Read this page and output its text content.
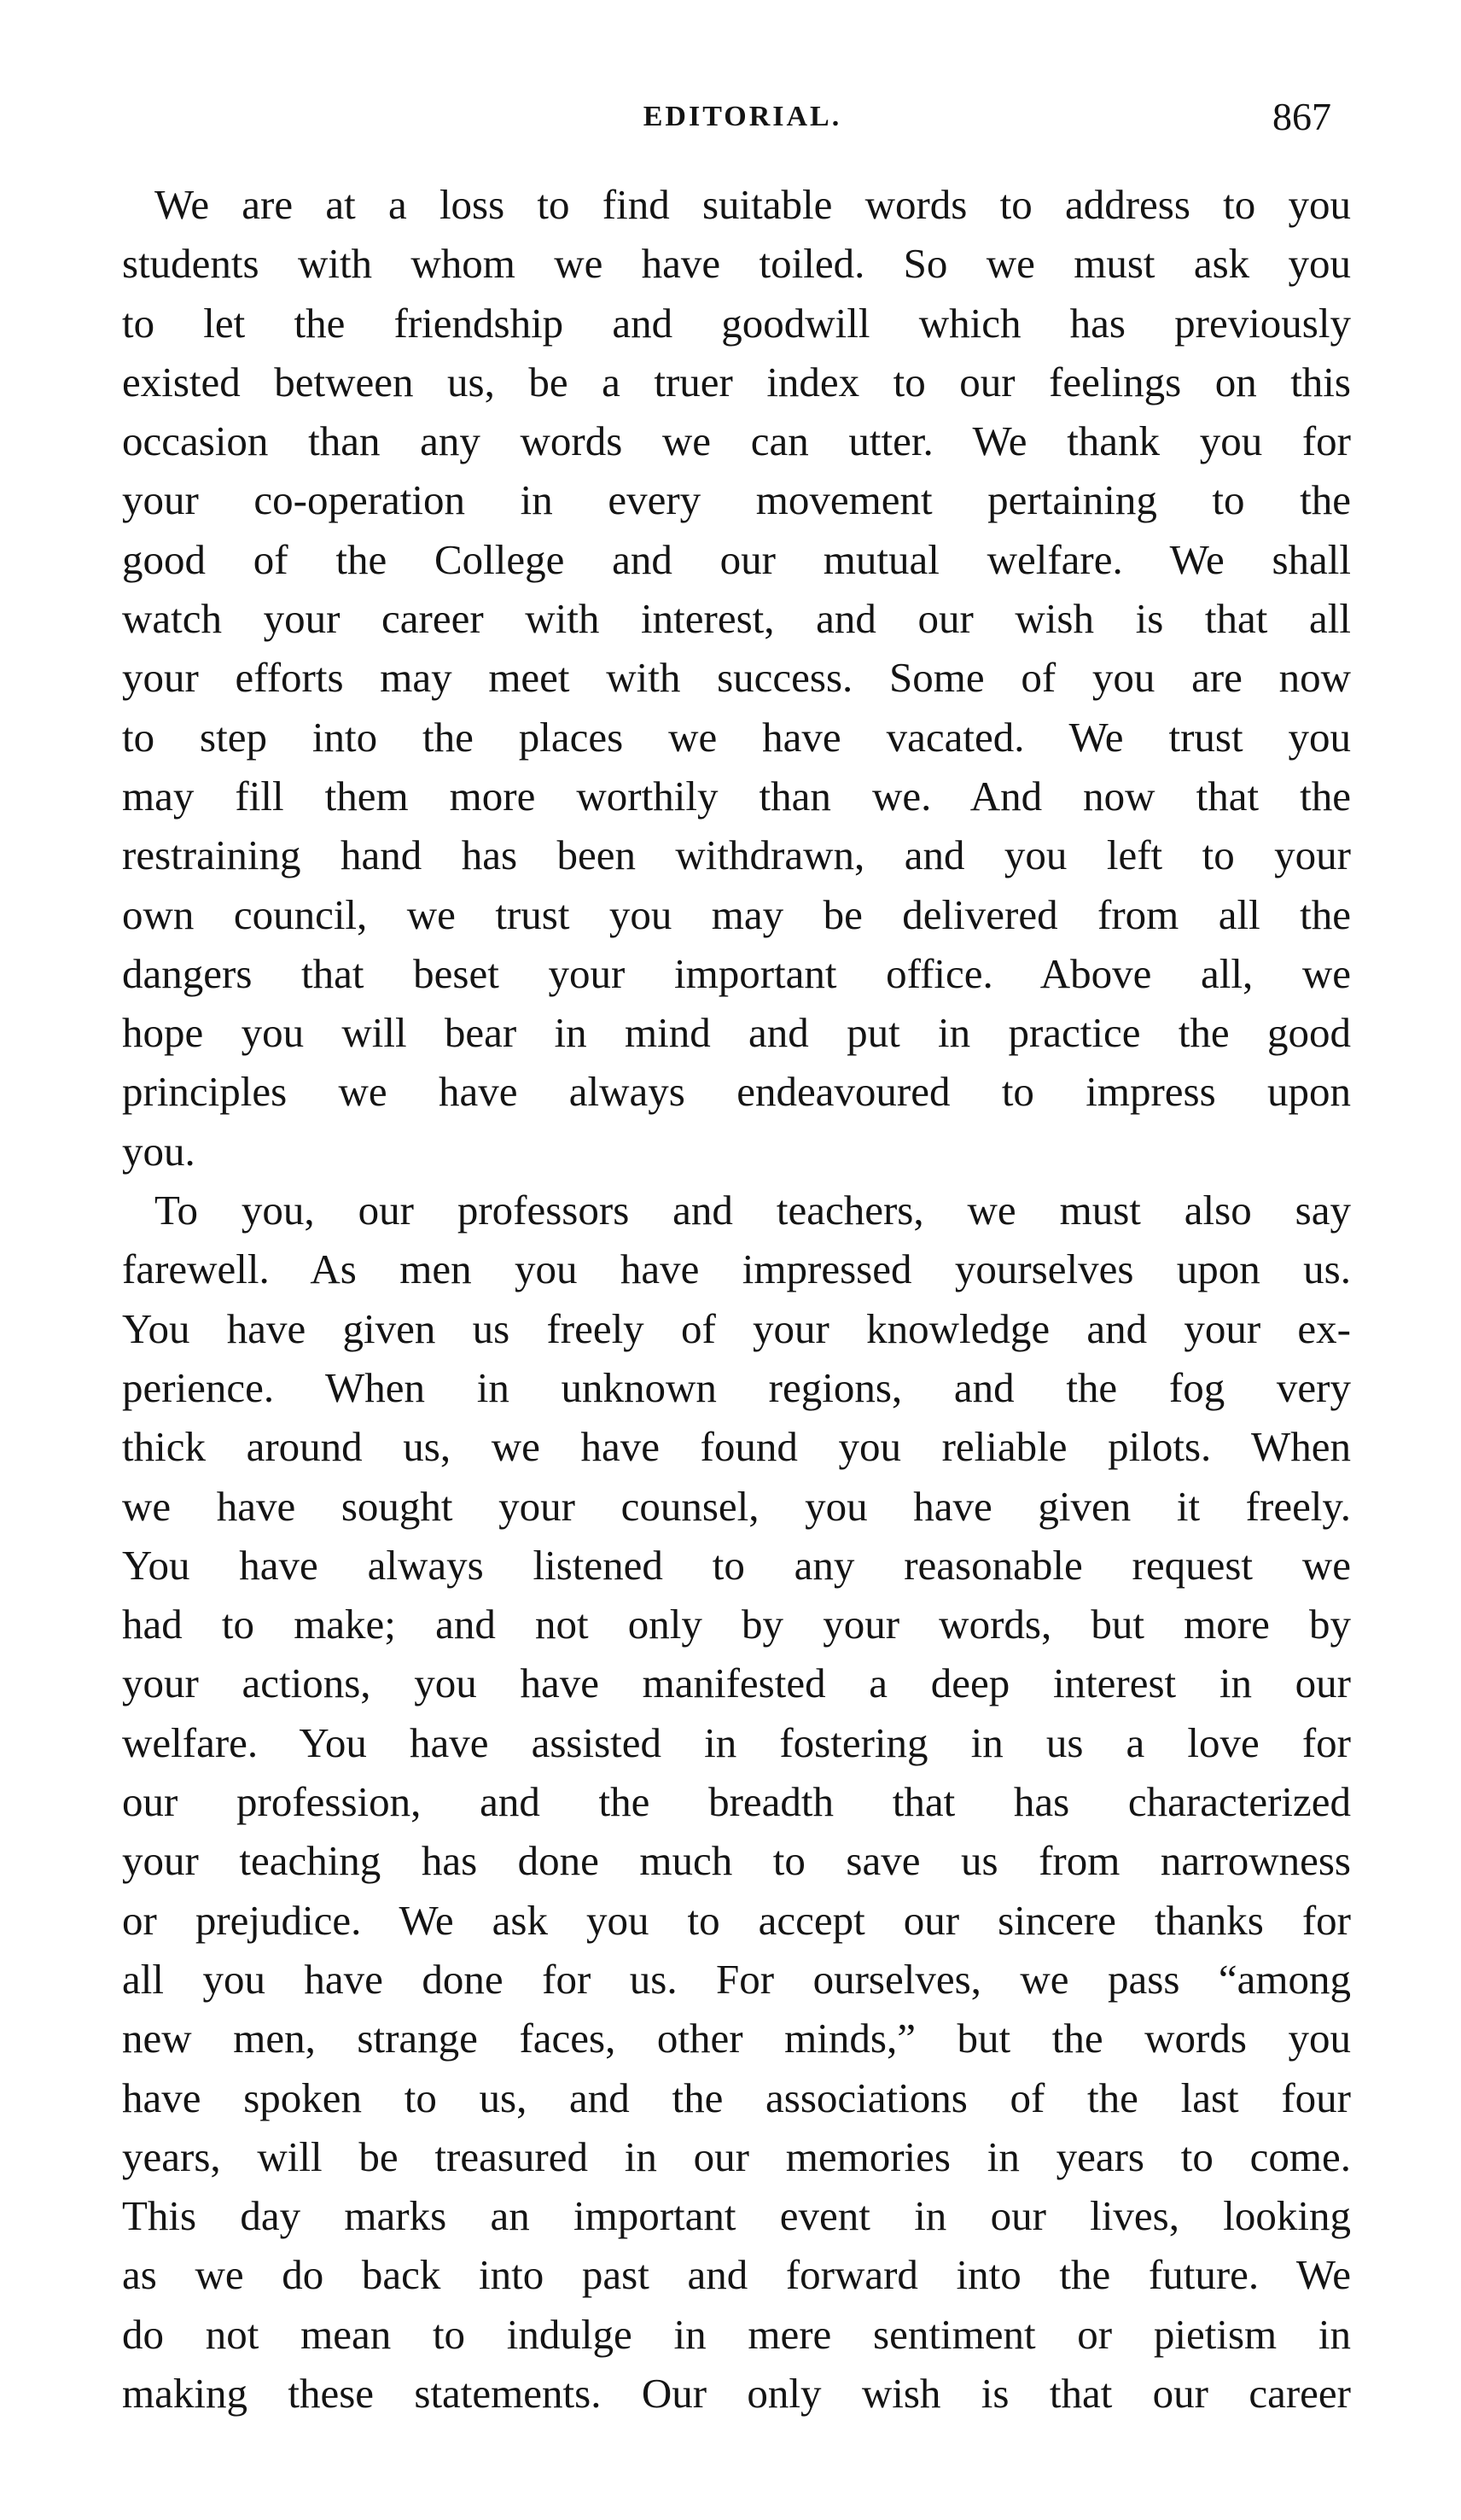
EDITORIAL.	867
We are at a loss to find suitable words to address to you
students with whom we have toiled. So we must ask you
to let the friendship and goodwill which has previously
existed between us, be a truer index to our feelings on this
occasion than any words we can utter. We thank you for
your co-operation in every movement pertaining to the
good of the College and our mutual welfare. We shall
watch your career with interest, and our wish is that all
your efforts may meet with success. Some of you are now
to step into the places we have vacated. We trust you
may fill them more worthily than we. And now that the
restraining hand has been withdrawn, and you left to your
own council, we trust you may be delivered from all the
dangers that beset your important office. Above all, we
hope you will bear in mind and put in practice the good
principles we have always endeavoured to impress upon
you.
To you, our professors and teachers, we must also say
farewell. As men you have impressed yourselves upon us.
You have given us freely of your knowledge and your ex-
perience. When in unknown regions, and the fog very
thick around us, we have found you reliable pilots. When
we have sought your counsel, you have given it freely.
You have always listened to any reasonable request we
had to make; and not only by your words, but more by
your actions, you have manifested a deep interest in our
welfare. You have assisted in fostering in us a love for
our profession, and the breadth that has characterized
your teaching has done much to save us from narrowness
or prejudice. We ask you to accept our sincere thanks for
all you have done for us. For ourselves, we pass “among
new men, strange faces, other minds,” but the words you
have spoken to us, and the associations of the last four
years, will be treasured in our memories in years to come.
This day marks an important event in our lives, looking
as we do back into past and forward into the future. We
do not mean to indulge in mere sentiment or pietism in
making these statements. Our only wish is that our career
